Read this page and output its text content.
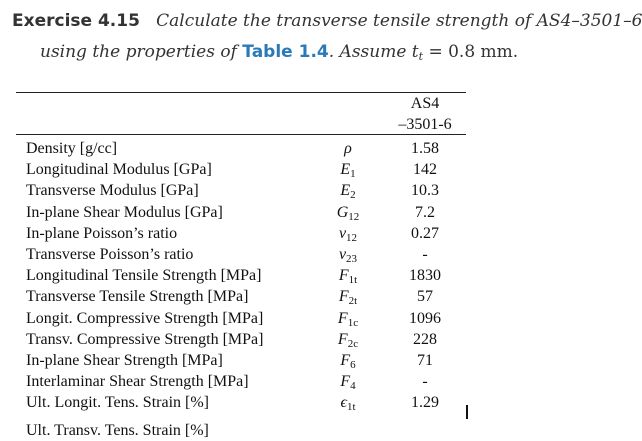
Exercise 4.15 Calculate the transverse tensile strength of AS4–3501–6
using the properties of Table 1.4. Assume tt = 0.8 mm.
AS4
–3501-6
Density [g/cc]	ρ	1.58
Longitudinal Modulus [GPa]	$E_1$	142
Transverse Modulus [GPa]	$E_2$	10.3
In-plane Shear Modulus [GPa]	$G_{12}$	7.2
In-plane Poisson’s ratio	$\nu_{12}$	0.27
Transverse Poisson’s ratio	$\nu_{23}$	-
Longitudinal Tensile Strength [MPa]	$F_{1t}$	1830
Transverse Tensile Strength [MPa]	$F_{2t}$	57
Longit. Compressive Strength [MPa]	$F_{1c}$	1096
Transv. Compressive Strength [MPa]	$F_{2c}$	228
In-plane Shear Strength [MPa]	$F_6$	71
Interlaminar Shear Strength [MPa]	$F_4$	-
Ult. Longit. Tens. Strain [%]	$\epsilon_{1t}$	1.29
Ult. Transv. Tens. Strain [%]
